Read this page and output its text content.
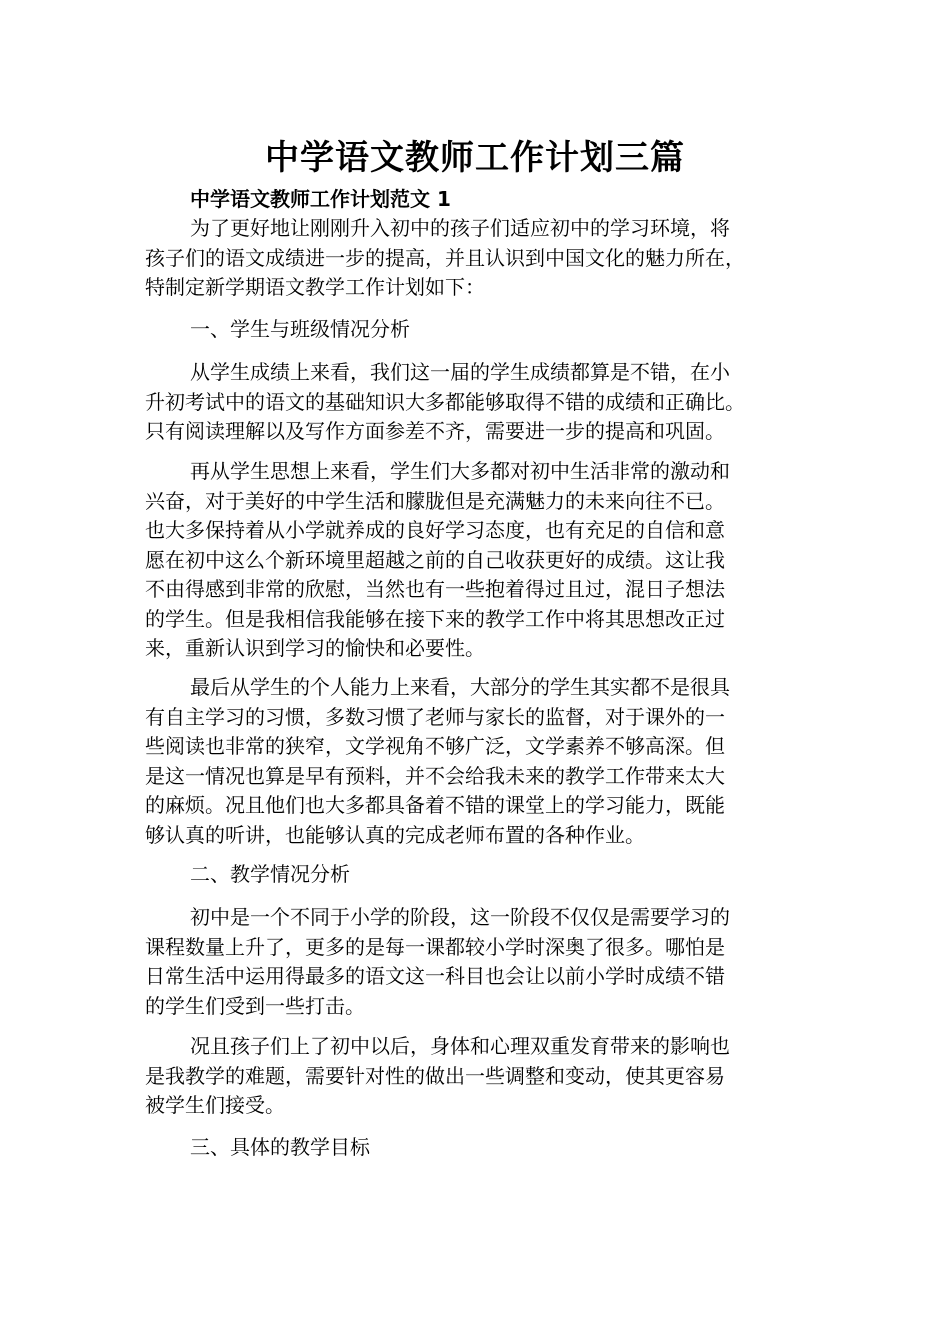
中学语文教师工作计划三篇

中学语文教师工作计划范文 1

为了更好地让刚刚升入初中的孩子们适应初中的学习环境，将
孩子们的语文成绩进一步的提高，并且认识到中国文化的魅力所在，
特制定新学期语文教学工作计划如下：

一、学生与班级情况分析

从学生成绩上来看，我们这一届的学生成绩都算是不错，在小
升初考试中的语文的基础知识大多都能够取得不错的成绩和正确比。
只有阅读理解以及写作方面参差不齐，需要进一步的提高和巩固。

再从学生思想上来看，学生们大多都对初中生活非常的激动和
兴奋，对于美好的中学生活和朦胧但是充满魅力的未来向往不已。
也大多保持着从小学就养成的良好学习态度，也有充足的自信和意
愿在初中这么个新环境里超越之前的自己收获更好的成绩。这让我
不由得感到非常的欣慰，当然也有一些抱着得过且过，混日子想法
的学生。但是我相信我能够在接下来的教学工作中将其思想改正过
来，重新认识到学习的愉快和必要性。

最后从学生的个人能力上来看，大部分的学生其实都不是很具
有自主学习的习惯，多数习惯了老师与家长的监督，对于课外的一
些阅读也非常的狭窄，文学视角不够广泛，文学素养不够高深。但
是这一情况也算是早有预料，并不会给我未来的教学工作带来太大
的麻烦。况且他们也大多都具备着不错的课堂上的学习能力，既能
够认真的听讲，也能够认真的完成老师布置的各种作业。

二、教学情况分析

初中是一个不同于小学的阶段，这一阶段不仅仅是需要学习的
课程数量上升了，更多的是每一课都较小学时深奥了很多。哪怕是
日常生活中运用得最多的语文这一科目也会让以前小学时成绩不错
的学生们受到一些打击。

况且孩子们上了初中以后，身体和心理双重发育带来的影响也
是我教学的难题，需要针对性的做出一些调整和变动，使其更容易
被学生们接受。

三、具体的教学目标
